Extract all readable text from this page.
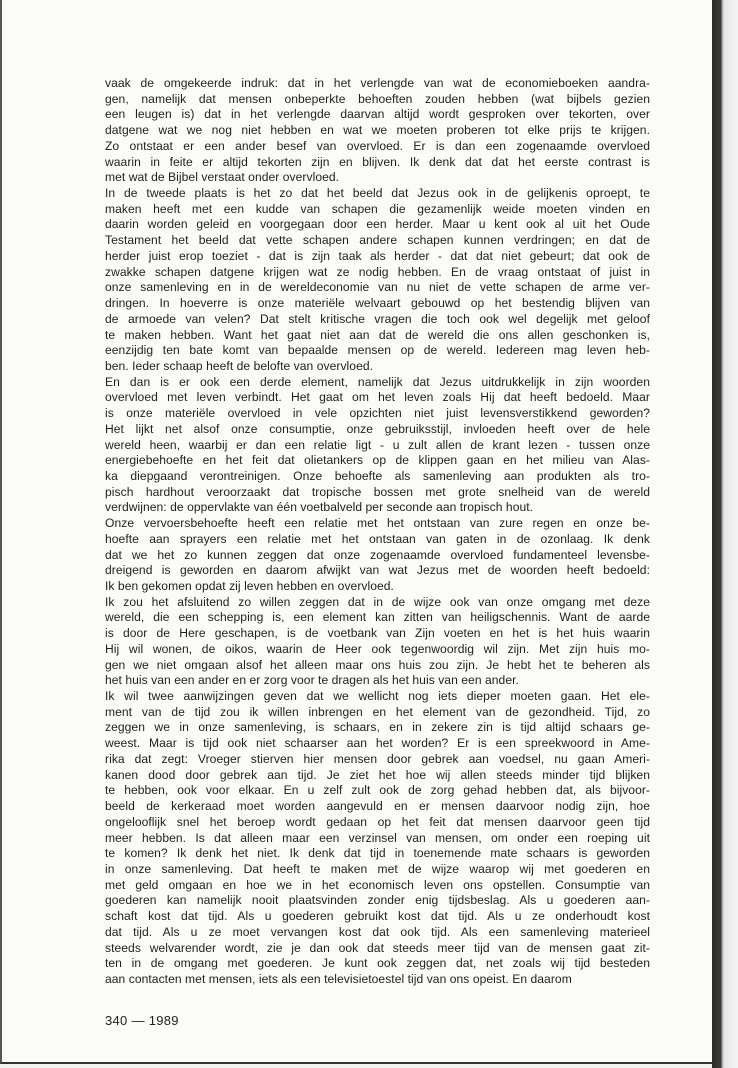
vaak de omgekeerde indruk: dat in het verlengde van wat de economieboeken aandra-
gen, namelijk dat mensen onbeperkte behoeften zouden hebben (wat bijbels gezien
een leugen is) dat in het verlengde daarvan altijd wordt gesproken over tekorten, over
datgene wat we nog niet hebben en wat we moeten proberen tot elke prijs te krijgen.
Zo ontstaat er een ander besef van overvloed. Er is dan een zogenaamde overvloed
waarin in feite er altijd tekorten zijn en blijven. Ik denk dat dat het eerste contrast is
met wat de Bijbel verstaat onder overvloed.
In de tweede plaats is het zo dat het beeld dat Jezus ook in de gelijkenis oproept, te
maken heeft met een kudde van schapen die gezamenlijk weide moeten vinden en
daarin worden geleid en voorgegaan door een herder. Maar u kent ook al uit het Oude
Testament het beeld dat vette schapen andere schapen kunnen verdringen; en dat de
herder juist erop toeziet - dat is zijn taak als herder - dat dat niet gebeurt; dat ook de
zwakke schapen datgene krijgen wat ze nodig hebben. En de vraag ontstaat of juist in
onze samenleving en in de wereldeconomie van nu niet de vette schapen de arme ver-
dringen. In hoeverre is onze materiële welvaart gebouwd op het bestendig blijven van
de armoede van velen? Dat stelt kritische vragen die toch ook wel degelijk met geloof
te maken hebben. Want het gaat niet aan dat de wereld die ons allen geschonken is,
eenzijdig ten bate komt van bepaalde mensen op de wereld. Iedereen mag leven heb-
ben. Ieder schaap heeft de belofte van overvloed.
En dan is er ook een derde element, namelijk dat Jezus uitdrukkelijk in zijn woorden
overvloed met leven verbindt. Het gaat om het leven zoals Hij dat heeft bedoeld. Maar
is onze materiële overvloed in vele opzichten niet juist levensverstikkend geworden?
Het lijkt net alsof onze consumptie, onze gebruiksstijl, invloeden heeft over de hele
wereld heen, waarbij er dan een relatie ligt - u zult allen de krant lezen - tussen onze
energiebehoefte en het feit dat olietankers op de klippen gaan en het milieu van Alas-
ka diepgaand verontreinigen. Onze behoefte als samenleving aan produkten als tro-
pisch hardhout veroorzaakt dat tropische bossen met grote snelheid van de wereld
verdwijnen: de oppervlakte van één voetbalveld per seconde aan tropisch hout.
Onze vervoersbehoefte heeft een relatie met het ontstaan van zure regen en onze be-
hoefte aan sprayers een relatie met het ontstaan van gaten in de ozonlaag. Ik denk
dat we het zo kunnen zeggen dat onze zogenaamde overvloed fundamenteel levensbe-
dreigend is geworden en daarom afwijkt van wat Jezus met de woorden heeft bedoeld:
Ik ben gekomen opdat zij leven hebben en overvloed.
Ik zou het afsluitend zo willen zeggen dat in de wijze ook van onze omgang met deze
wereld, die een schepping is, een element kan zitten van heiligschennis. Want de aarde
is door de Here geschapen, is de voetbank van Zijn voeten en het is het huis waarin
Hij wil wonen, de oikos, waarin de Heer ook tegenwoordig wil zijn. Met zijn huis mo-
gen we niet omgaan alsof het alleen maar ons huis zou zijn. Je hebt het te beheren als
het huis van een ander en er zorg voor te dragen als het huis van een ander.
Ik wil twee aanwijzingen geven dat we wellicht nog iets dieper moeten gaan. Het ele-
ment van de tijd zou ik willen inbrengen en het element van de gezondheid. Tijd, zo
zeggen we in onze samenleving, is schaars, en in zekere zin is tijd altijd schaars ge-
weest. Maar is tijd ook niet schaarser aan het worden? Er is een spreekwoord in Ame-
rika dat zegt: Vroeger stierven hier mensen door gebrek aan voedsel, nu gaan Ameri-
kanen dood door gebrek aan tijd. Je ziet het hoe wij allen steeds minder tijd blijken
te hebben, ook voor elkaar. En u zelf zult ook de zorg gehad hebben dat, als bijvoor-
beeld de kerkeraad moet worden aangevuld en er mensen daarvoor nodig zijn, hoe
ongelooflijk snel het beroep wordt gedaan op het feit dat mensen daarvoor geen tijd
meer hebben. Is dat alleen maar een verzinsel van mensen, om onder een roeping uit
te komen? Ik denk het niet. Ik denk dat tijd in toenemende mate schaars is geworden
in onze samenleving. Dat heeft te maken met de wijze waarop wij met goederen en
met geld omgaan en hoe we in het economisch leven ons opstellen. Consumptie van
goederen kan namelijk nooit plaatsvinden zonder enig tijdsbeslag. Als u goederen aan-
schaft kost dat tijd. Als u goederen gebruikt kost dat tijd. Als u ze onderhoudt kost
dat tijd. Als u ze moet vervangen kost dat ook tijd. Als een samenleving materieel
steeds welvarender wordt, zie je dan ook dat steeds meer tijd van de mensen gaat zit-
ten in de omgang met goederen. Je kunt ook zeggen dat, net zoals wij tijd besteden
aan contacten met mensen, iets als een televisietoestel tijd van ons opeist. En daarom
340 — 1989
